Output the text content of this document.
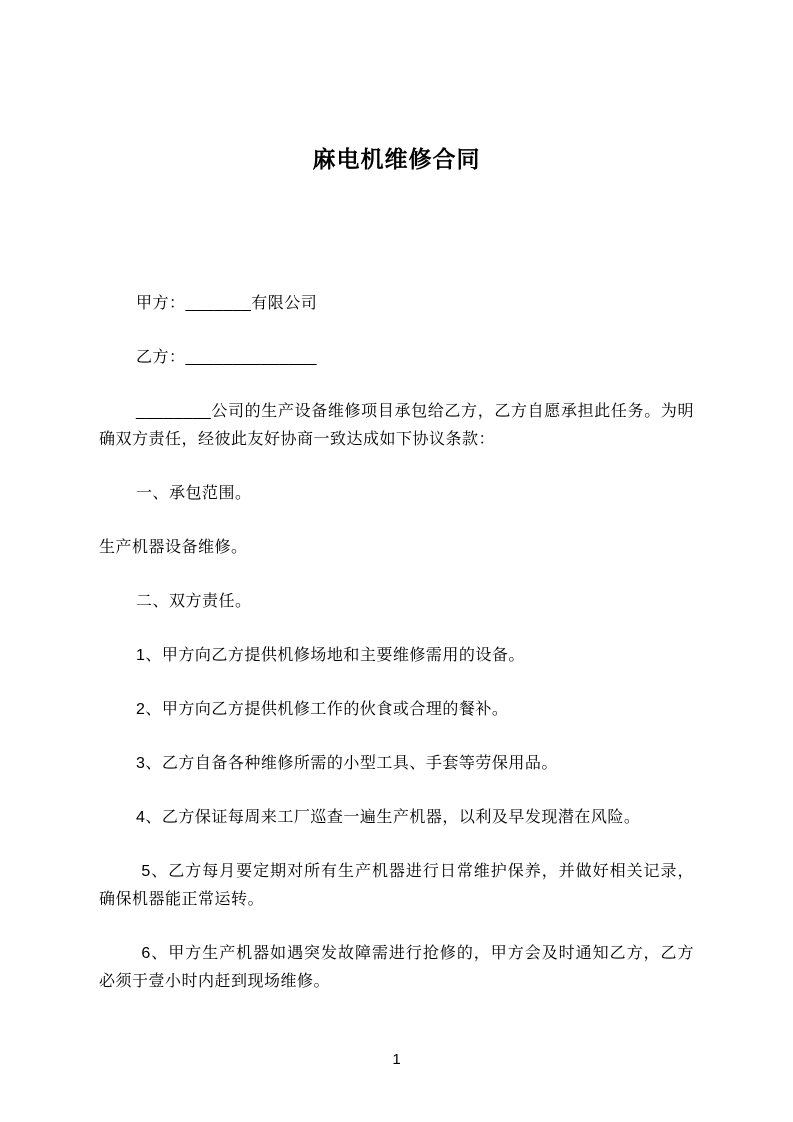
麻电机维修合同

甲方：_______有限公司

乙方：______________

________公司的生产设备维修项目承包给乙方，乙方自愿承担此任务。为明确双方责任，经彼此友好协商一致达成如下协议条款：

一、承包范围。

生产机器设备维修。

二、双方责任。

1、甲方向乙方提供机修场地和主要维修需用的设备。

2、甲方向乙方提供机修工作的伙食或合理的餐补。

3、乙方自备各种维修所需的小型工具、手套等劳保用品。

4、乙方保证每周来工厂巡查一遍生产机器，以利及早发现潜在风险。

5、乙方每月要定期对所有生产机器进行日常维护保养，并做好相关记录，确保机器能正常运转。

6、甲方生产机器如遇突发故障需进行抢修的，甲方会及时通知乙方，乙方必须于壹小时内赶到现场维修。

1
